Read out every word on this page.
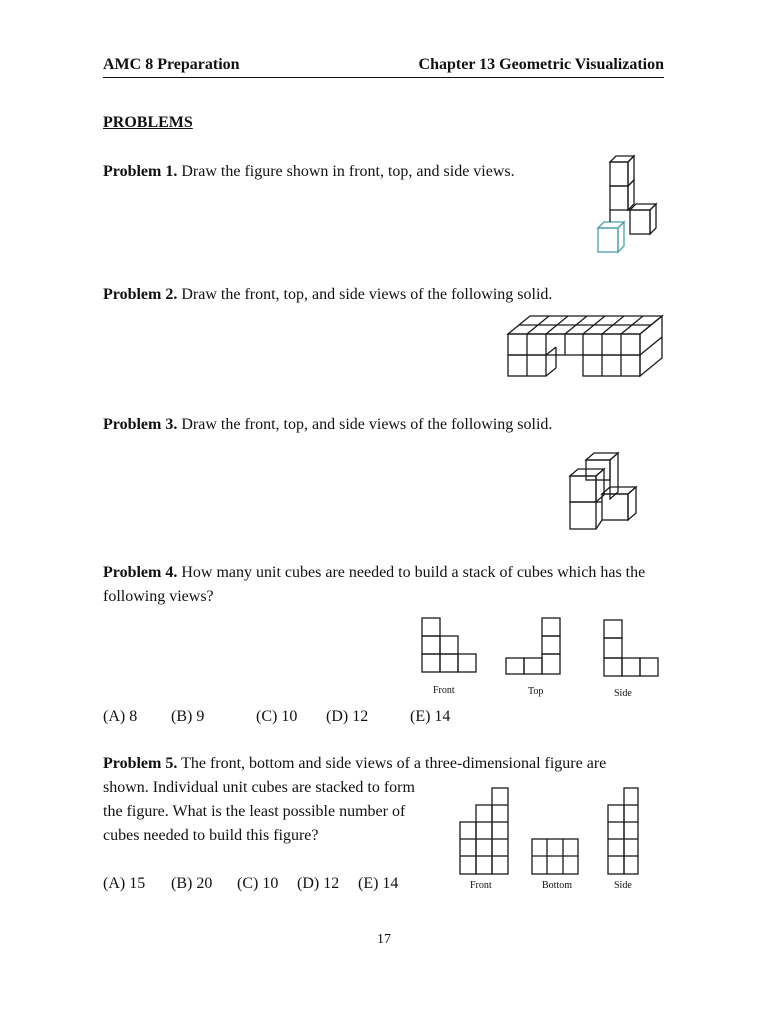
AMC 8 Preparation	Chapter 13 Geometric Visualization
PROBLEMS
Problem 1. Draw the figure shown in front, top, and side views.
Problem 2. Draw the front, top, and side views of the following solid.
Problem 3. Draw the front, top, and side views of the following solid.
Problem 4. How many unit cubes are needed to build a stack of cubes which has the following views?
Front	Top	Side
(A) 8 (B) 9	(C) 10 (D) 12	(E) 14
Problem 5. The front, bottom and side views of a three-dimensional figure are
shown. Individual unit cubes are stacked to form
the figure. What is the least possible number of
cubes needed to build this figure?
(A) 15 (B) 20 (C) 10 (D) 12 (E) 14	Front	Bottom	Side
17
